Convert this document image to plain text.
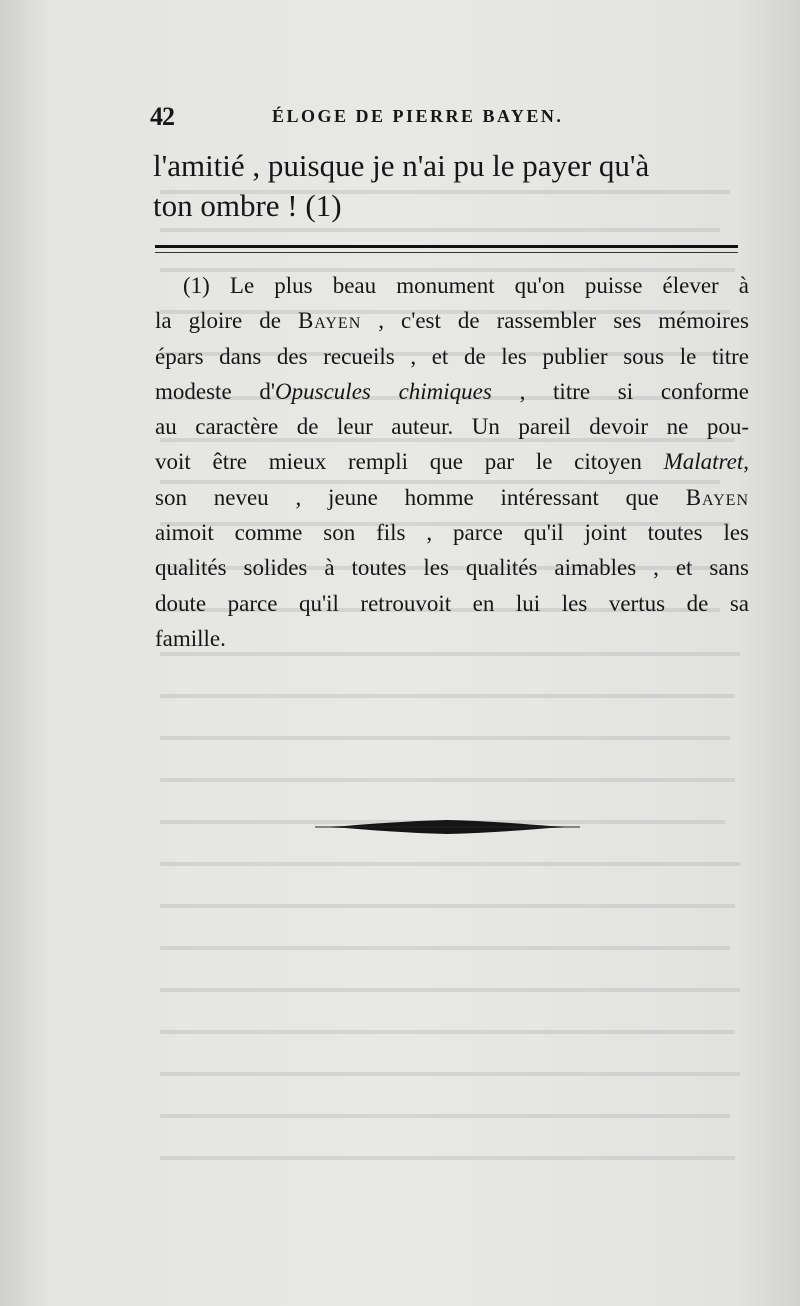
42	ÉLOGE DE PIERRE BAYEN.
l'amitié , puisque je n'ai pu le payer qu'à
ton ombre ! (1)
(1) Le plus beau monument qu'on puisse élever à
la gloire de Bayen , c'est de rassembler ses mémoires
épars dans des recueils , et de les publier sous le titre
modeste d'Opuscules chimiques , titre si conforme
au caractère de leur auteur. Un pareil devoir ne pou-
voit être mieux rempli que par le citoyen Malatret,
son neveu , jeune homme intéressant que Bayen
aimoit comme son fils , parce qu'il joint toutes les
qualités solides à toutes les qualités aimables , et sans
doute parce qu'il retrouvoit en lui les vertus de sa
famille.
